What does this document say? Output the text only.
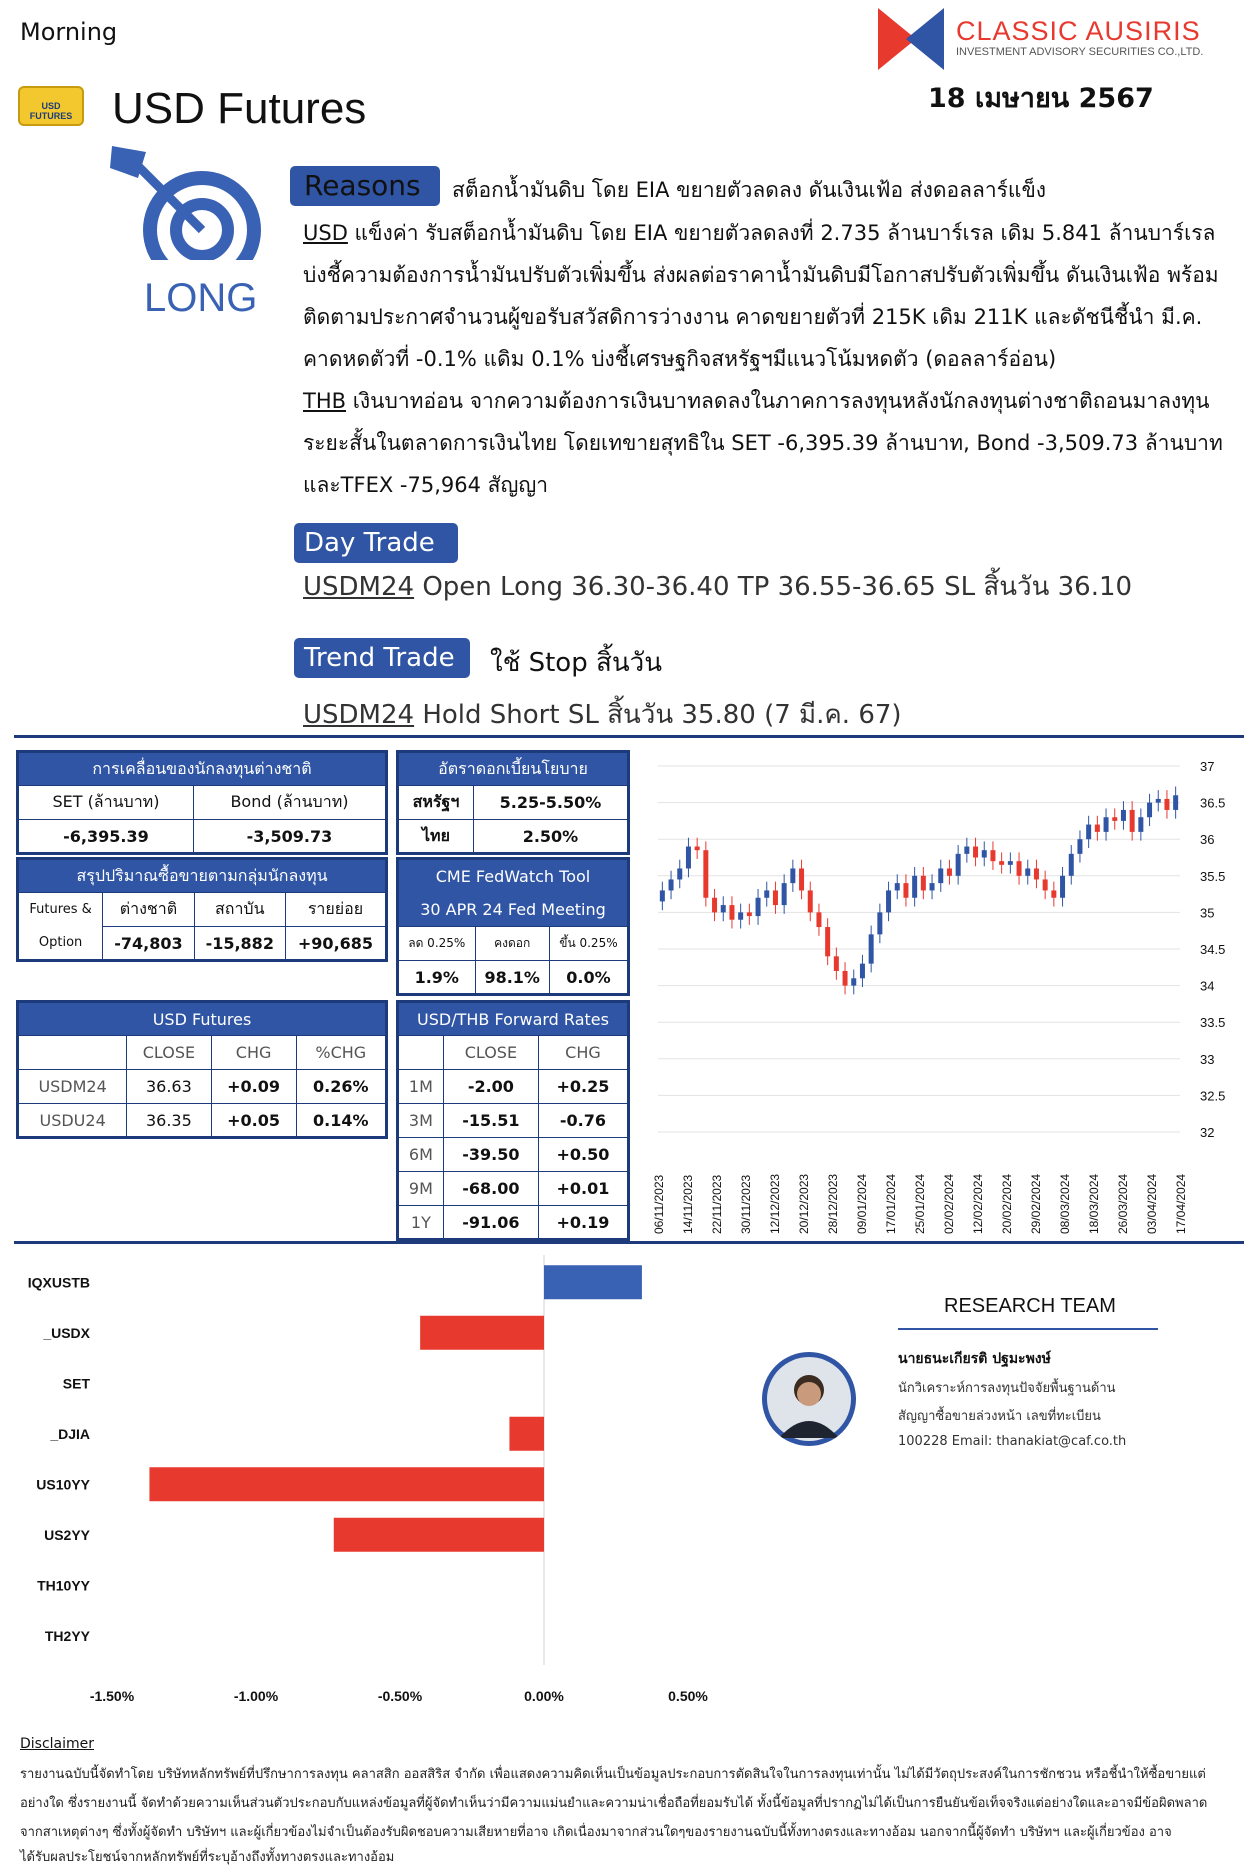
Morning
USD FUTURES USD Futures
CLASSIC AUSIRIS
INVESTMENT ADVISORY SECURITIES CO.,LTD.
18 เมษายน 2567
LONG
Reasons	สต็อกน้ำมันดิบ โดย EIA ขยายตัวลดลง ดันเงินเฟ้อ ส่งดอลลาร์แข็ง
USD แข็งค่า รับสต็อกน้ำมันดิบ โดย EIA ขยายตัวลดลงที่ 2.735 ล้านบาร์เรล เดิม 5.841 ล้านบาร์เรล
บ่งชี้ความต้องการน้ำมันปรับตัวเพิ่มขึ้น ส่งผลต่อราคาน้ำมันดิบมีโอกาสปรับตัวเพิ่มขึ้น ดันเงินเฟ้อ พร้อม
ติดตามประกาศจำนวนผู้ขอรับสวัสดิการว่างงาน คาดขยายตัวที่ 215K เดิม 211K และดัชนีชี้นำ มี.ค.
คาดหดตัวที่ -0.1% แดิม 0.1% บ่งชี้เศรษฐกิจสหรัฐฯมีแนวโน้มหดตัว (ดอลลาร์อ่อน)
THB เงินบาทอ่อน จากความต้องการเงินบาทลดลงในภาคการลงทุนหลังนักลงทุนต่างชาติถอนมาลงทุน
ระยะสั้นในตลาดการเงินไทย โดยเทขายสุทธิใน SET -6,395.39 ล้านบาท, Bond -3,509.73 ล้านบาท
และTFEX -75,964 สัญญา
Day Trade
USDM24 Open Long 36.30-36.40 TP 36.55-36.65 SL สิ้นวัน 36.10
Trend Trade	ใช้ Stop สิ้นวัน
USDM24 Hold Short SL สิ้นวัน 35.80 (7 มี.ค. 67)
การเคลื่อนของนักลงทุนต่างชาติ	
SET (ล้านบาท)	Bond (ล้านบาท)
-6,395.39	-3,509.73
อัตราดอกเบี้ยนโยบาย	
สหรัฐฯ	5.25-5.50%
ไทย	2.50%
สรุปปริมาณซื้อขายตามกลุ่มนักลงทุน			
Futures &	ต่างชาติ	สถาบัน	รายย่อย
Option	-74,803	-15,882	+90,685
CME FedWatch Tool		
30 APR 24 Fed Meeting		
ลด 0.25%	คงดอก	ขึ้น 0.25%
1.9%	98.1%	0.0%
USD Futures			
	CLOSE	CHG	%CHG
USDM24	36.63	+0.09	0.26%
USDU24	36.35	+0.05	0.14%
USD/THB Forward Rates		
	CLOSE	CHG
1M	-2.00	+0.25
3M	-15.51	-0.76
6M	-39.50	+0.50
9M	-68.00	+0.01
1Y	-91.06	+0.19
37
36.5
36
35.5
35
34.5
34
33.5
33
32.5
32
06/11/2023 14/11/2023 22/11/2023 30/11/2023 12/12/2023 20/12/2023 28/12/2023 09/01/2024 17/01/2024 25/01/2024 02/02/2024 12/02/2024 20/02/2024 29/02/2024 08/03/2024 18/03/2024 26/03/2024 03/04/2024 17/04/2024
IQXUSTB
_USDX
SET
_DJIA
US10YY
US2YY
TH10YY
TH2YY
-1.50%	-1.00%	-0.50%	0.00%	0.50%
RESEARCH TEAM
นายธนะเกียรติ ปฐมะพงษ์
นักวิเคราะห์การลงทุนปัจจัยพื้นฐานด้าน
สัญญาซื้อขายล่วงหน้า เลขที่ทะเบียน
100228 Email: thanakiat@caf.co.th
Disclaimer
รายงานฉบับนี้จัดทำโดย บริษัทหลักทรัพย์ที่ปรึกษาการลงทุน คลาสสิก ออสสิริส จำกัด เพื่อแสดงความคิดเห็นเป็นข้อมูลประกอบการตัดสินใจในการลงทุนเท่านั้น ไม่ได้มีวัตถุประสงค์ในการชักชวน หรือชี้นำให้ซื้อขายแต่
อย่างใด ซึ่งรายงานนี้ จัดทำด้วยความเห็นส่วนตัวประกอบกับแหล่งข้อมูลที่ผู้จัดทำเห็นว่ามีความแม่นยำและความน่าเชื่อถือที่ยอมรับได้ ทั้งนี้ข้อมูลที่ปรากฏไม่ได้เป็นการยืนยันข้อเท็จจริงแต่อย่างใดและอาจมีข้อผิดพลาด
จากสาเหตุต่างๆ ซึ่งทั้งผู้จัดทำ บริษัทฯ และผู้เกี่ยวข้องไม่จำเป็นต้องรับผิดชอบความเสียหายที่อาจ เกิดเนื่องมาจากส่วนใดๆของรายงานฉบับนี้ทั้งทางตรงและทางอ้อม นอกจากนี้ผู้จัดทำ บริษัทฯ และผู้เกี่ยวข้อง อาจ
ได้รับผลประโยชน์จากหลักทรัพย์ที่ระบุอ้างถึงทั้งทางตรงและทางอ้อม
